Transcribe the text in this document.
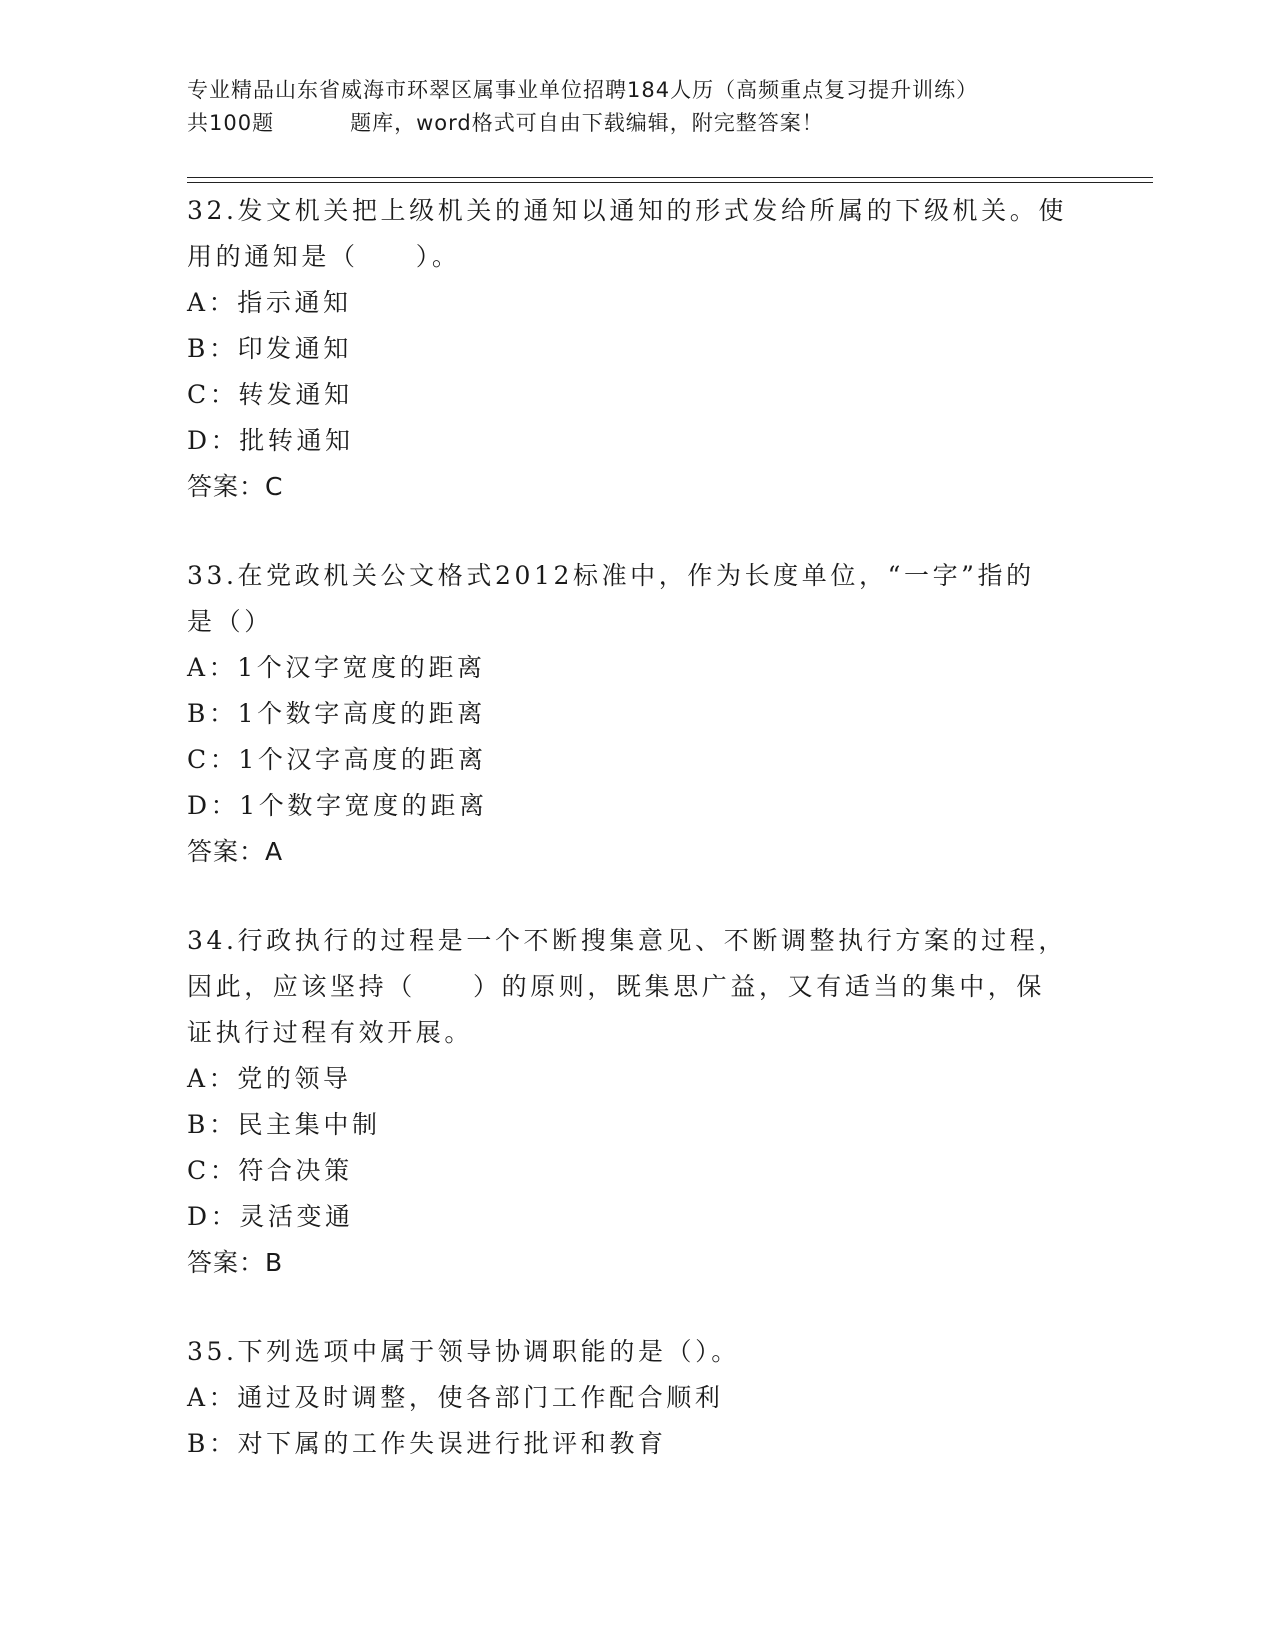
专业精品山东省威海市环翠区属事业单位招聘184人历（高频重点复习提升训练）
共100题	题库，word格式可自由下载编辑，附完整答案！

32.发文机关把上级机关的通知以通知的形式发给所属的下级机关。使

用的通知是（　　）。

A：指示通知

B：印发通知

C：转发通知

D：批转通知

答案：C

33.在党政机关公文格式2012标准中，作为长度单位，“一字”指的

是（）

A：1个汉字宽度的距离

B：1个数字高度的距离

C：1个汉字高度的距离

D：1个数字宽度的距离

答案：A

34.行政执行的过程是一个不断搜集意见、不断调整执行方案的过程，

因此，应该坚持（　　）的原则，既集思广益，又有适当的集中，保

证执行过程有效开展。

A：党的领导

B：民主集中制

C：符合决策

D：灵活变通

答案：B

35.下列选项中属于领导协调职能的是（）。

A：通过及时调整，使各部门工作配合顺利

B：对下属的工作失误进行批评和教育
